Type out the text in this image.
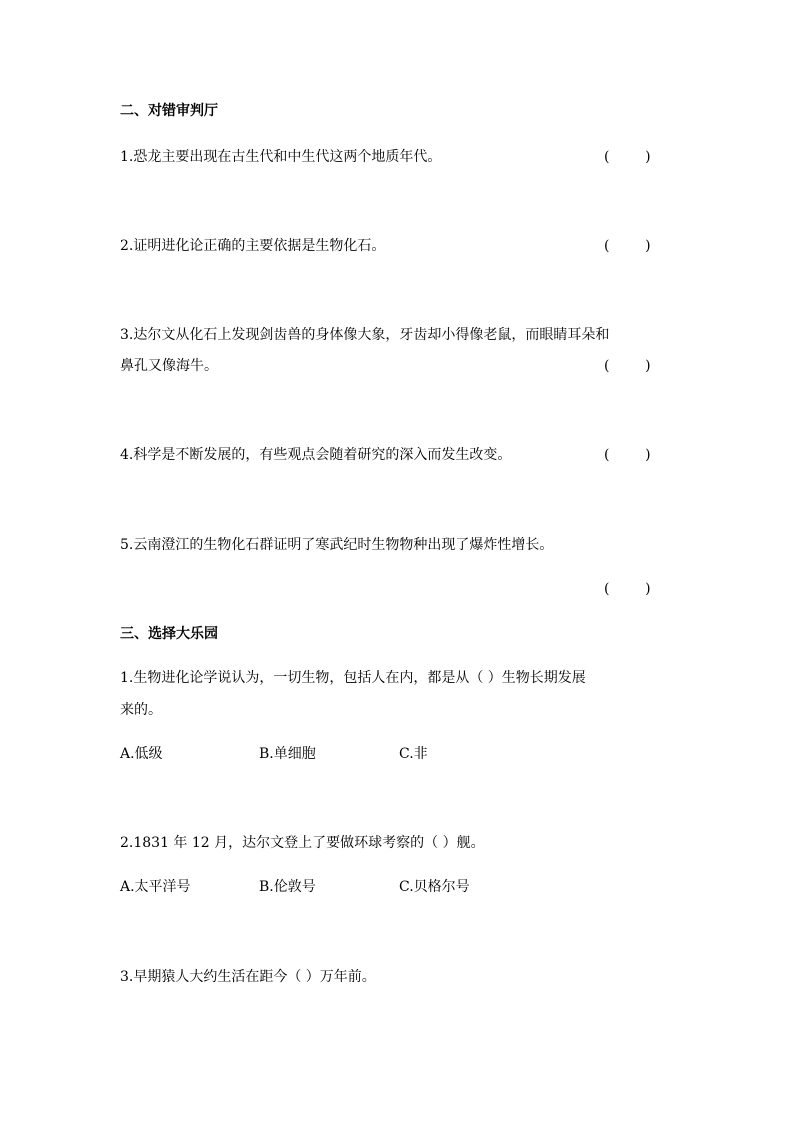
二、对错审判厅
1.恐龙主要出现在古生代和中生代这两个地质年代。	(        )
2.证明进化论正确的主要依据是生物化石。	(        )
3.达尔文从化石上发现剑齿兽的身体像大象，牙齿却小得像老鼠，而眼睛耳朵和
鼻孔又像海牛。	(        )
4.科学是不断发展的，有些观点会随着研究的深入而发生改变。	(        )
5.云南澄江的生物化石群证明了寒武纪时生物物种出现了爆炸性增长。
(        )
三、选择大乐园
1.生物进化论学说认为，一切生物，包括人在内，都是从（ ）生物长期发展
来的。
A.低级	B.单细胞	C.非
2.1831 年 12 月，达尔文登上了要做环球考察的（ ）舰。
A.太平洋号	B.伦敦号	C.贝格尔号
3.早期猿人大约生活在距今（ ）万年前。
